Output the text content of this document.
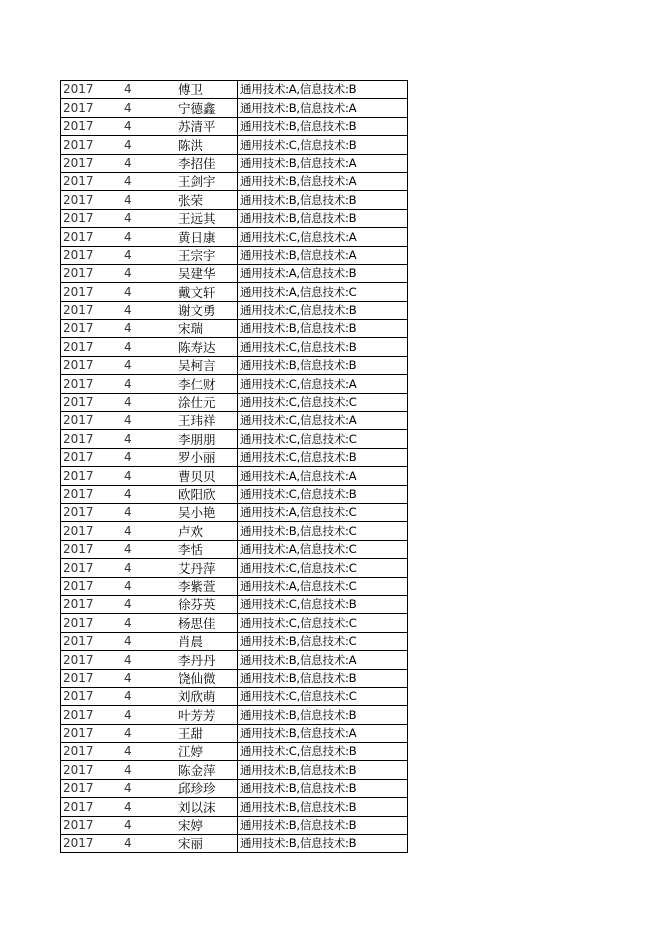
2017	4	傅卫	通用技术:A,信息技术:B
2017	4	宁德鑫	通用技术:B,信息技术:A
2017	4	苏清平	通用技术:B,信息技术:B
2017	4	陈洪	通用技术:C,信息技术:B
2017	4	李招佳	通用技术:B,信息技术:A
2017	4	王剑宇	通用技术:B,信息技术:A
2017	4	张荣	通用技术:B,信息技术:B
2017	4	王远其	通用技术:B,信息技术:B
2017	4	黄日康	通用技术:C,信息技术:A
2017	4	王宗宇	通用技术:B,信息技术:A
2017	4	吴建华	通用技术:A,信息技术:B
2017	4	戴文轩	通用技术:A,信息技术:C
2017	4	谢文勇	通用技术:C,信息技术:B
2017	4	宋瑞	通用技术:B,信息技术:B
2017	4	陈寿达	通用技术:C,信息技术:B
2017	4	吴柯言	通用技术:B,信息技术:B
2017	4	李仁财	通用技术:C,信息技术:A
2017	4	涂仕元	通用技术:C,信息技术:C
2017	4	王玮祥	通用技术:C,信息技术:A
2017	4	李朋朋	通用技术:C,信息技术:C
2017	4	罗小丽	通用技术:C,信息技术:B
2017	4	曹贝贝	通用技术:A,信息技术:A
2017	4	欧阳欣	通用技术:C,信息技术:B
2017	4	吴小艳	通用技术:A,信息技术:C
2017	4	卢欢	通用技术:B,信息技术:C
2017	4	李恬	通用技术:A,信息技术:C
2017	4	艾丹萍	通用技术:C,信息技术:C
2017	4	李紫萱	通用技术:A,信息技术:C
2017	4	徐芬英	通用技术:C,信息技术:B
2017	4	杨思佳	通用技术:C,信息技术:C
2017	4	肖晨	通用技术:B,信息技术:C
2017	4	李丹丹	通用技术:B,信息技术:A
2017	4	饶仙微	通用技术:B,信息技术:B
2017	4	刘欣萌	通用技术:C,信息技术:C
2017	4	叶芳芳	通用技术:B,信息技术:B
2017	4	王甜	通用技术:B,信息技术:A
2017	4	江婷	通用技术:C,信息技术:B
2017	4	陈金萍	通用技术:B,信息技术:B
2017	4	邱珍珍	通用技术:B,信息技术:B
2017	4	刘以沫	通用技术:B,信息技术:B
2017	4	宋婷	通用技术:B,信息技术:B
2017	4	宋丽	通用技术:B,信息技术:B
